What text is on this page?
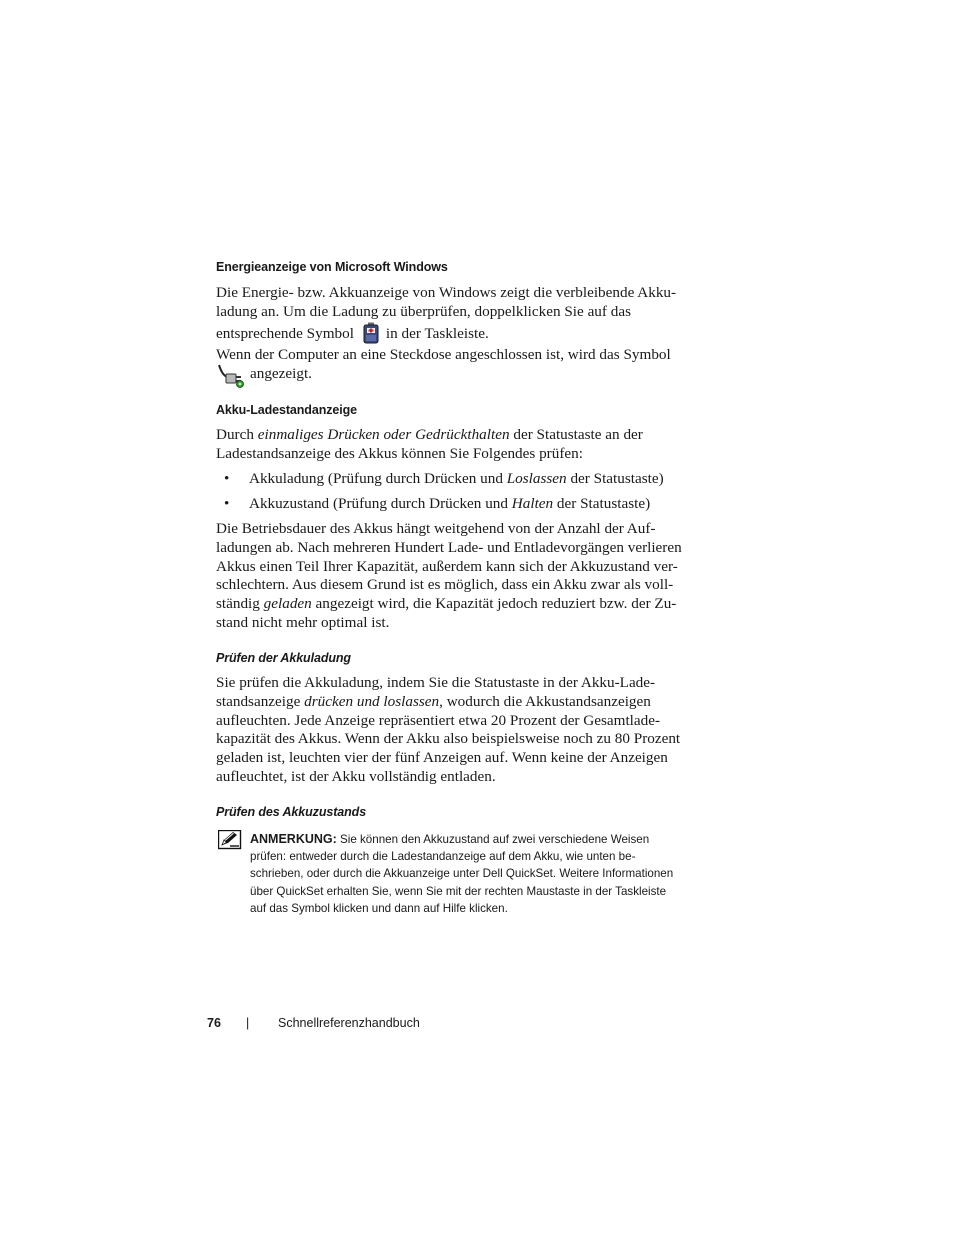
Energieanzeige von Microsoft Windows
Die Energie- bzw. Akkuanzeige von Windows zeigt die verbleibende Akku-
ladung an. Um die Ladung zu überprüfen, doppelklicken Sie auf das
entsprechende Symbol in der Taskleiste.
Wenn der Computer an eine Steckdose angeschlossen ist, wird das Symbol
angezeigt.
Akku-Ladestandanzeige
Durch einmaliges Drücken oder Gedrückthalten der Statustaste an der
Ladestandsanzeige des Akkus können Sie Folgendes prüfen:
• Akkuladung (Prüfung durch Drücken und Loslassen der Statustaste)
• Akkuzustand (Prüfung durch Drücken und Halten der Statustaste)
Die Betriebsdauer des Akkus hängt weitgehend von der Anzahl der Auf-
ladungen ab. Nach mehreren Hundert Lade- und Entladevorgängen verlieren
Akkus einen Teil Ihrer Kapazität, außerdem kann sich der Akkuzustand ver-
schlechtern. Aus diesem Grund ist es möglich, dass ein Akku zwar als voll-
ständig geladen angezeigt wird, die Kapazität jedoch reduziert bzw. der Zu-
stand nicht mehr optimal ist.
Prüfen der Akkuladung
Sie prüfen die Akkuladung, indem Sie die Statustaste in der Akku-Lade-
standsanzeige drücken und loslassen, wodurch die Akkustandsanzeigen
aufleuchten. Jede Anzeige repräsentiert etwa 20 Prozent der Gesamtlade-
kapazität des Akkus. Wenn der Akku also beispielsweise noch zu 80 Prozent
geladen ist, leuchten vier der fünf Anzeigen auf. Wenn keine der Anzeigen
aufleuchtet, ist der Akku vollständig entladen.
Prüfen des Akkuzustands
ANMERKUNG: Sie können den Akkuzustand auf zwei verschiedene Weisen
prüfen: entweder durch die Ladestandanzeige auf dem Akku, wie unten be-
schrieben, oder durch die Akkuanzeige unter Dell QuickSet. Weitere Informationen
über QuickSet erhalten Sie, wenn Sie mit der rechten Maustaste in der Taskleiste
auf das Symbol klicken und dann auf Hilfe klicken.
76 | Schnellreferenzhandbuch
